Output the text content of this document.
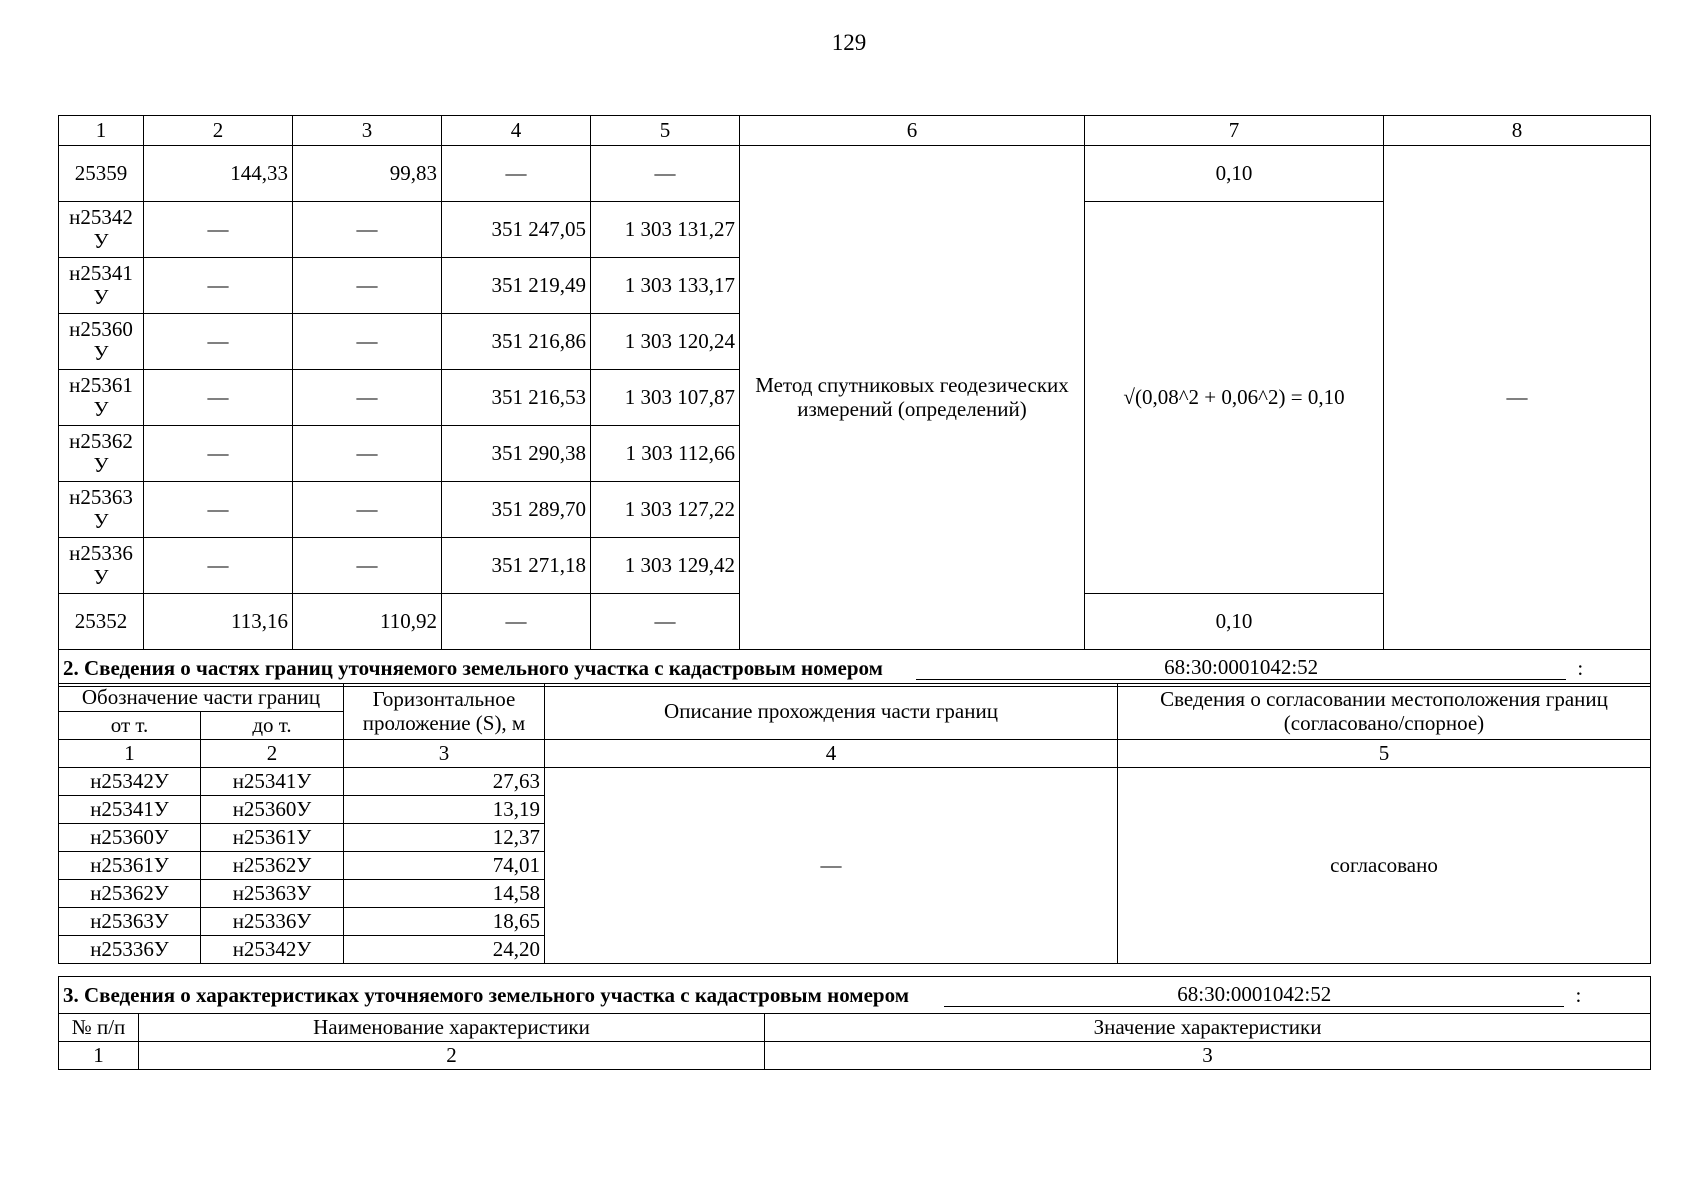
129
1	2	3	4	5	6	7	8
25359	144,33	99,83	—	—	Метод спутниковых геодезических измерений (определений)	0,10	—
н25342
У	—	—	351 247,05	1 303 131,27		√(0,08^2 + 0,06^2) = 0,10	
н25341
У	—	—	351 219,49	1 303 133,17			
н25360
У	—	—	351 216,86	1 303 120,24			
н25361
У	—	—	351 216,53	1 303 107,87			
н25362
У	—	—	351 290,38	1 303 112,66			
н25363
У	—	—	351 289,70	1 303 127,22			
н25336
У	—	—	351 271,18	1 303 129,42			
25352	113,16	110,92	—	—		0,10	
2. Сведения о частях границ уточняемого земельного участка с кадастровым номером 68:30:0001042:52 :							
Обозначение части границ		Горизонтальное проложение (S), м	Описание прохождения части границ	Сведения о согласовании местоположения границ (согласовано/спорное)
от т.	до т.			
1	2	3	4	5
н25342У	н25341У	27,63	—	согласовано
н25341У	н25360У	13,19		
н25360У	н25361У	12,37		
н25361У	н25362У	74,01		
н25362У	н25363У	14,58		
н25363У	н25336У	18,65		
н25336У	н25342У	24,20		
3. Сведения о характеристиках уточняемого земельного участка с кадастровым номером 68:30:0001042:52 :		
№ п/п	Наименование характеристики	Значение характеристики
1	2	3
